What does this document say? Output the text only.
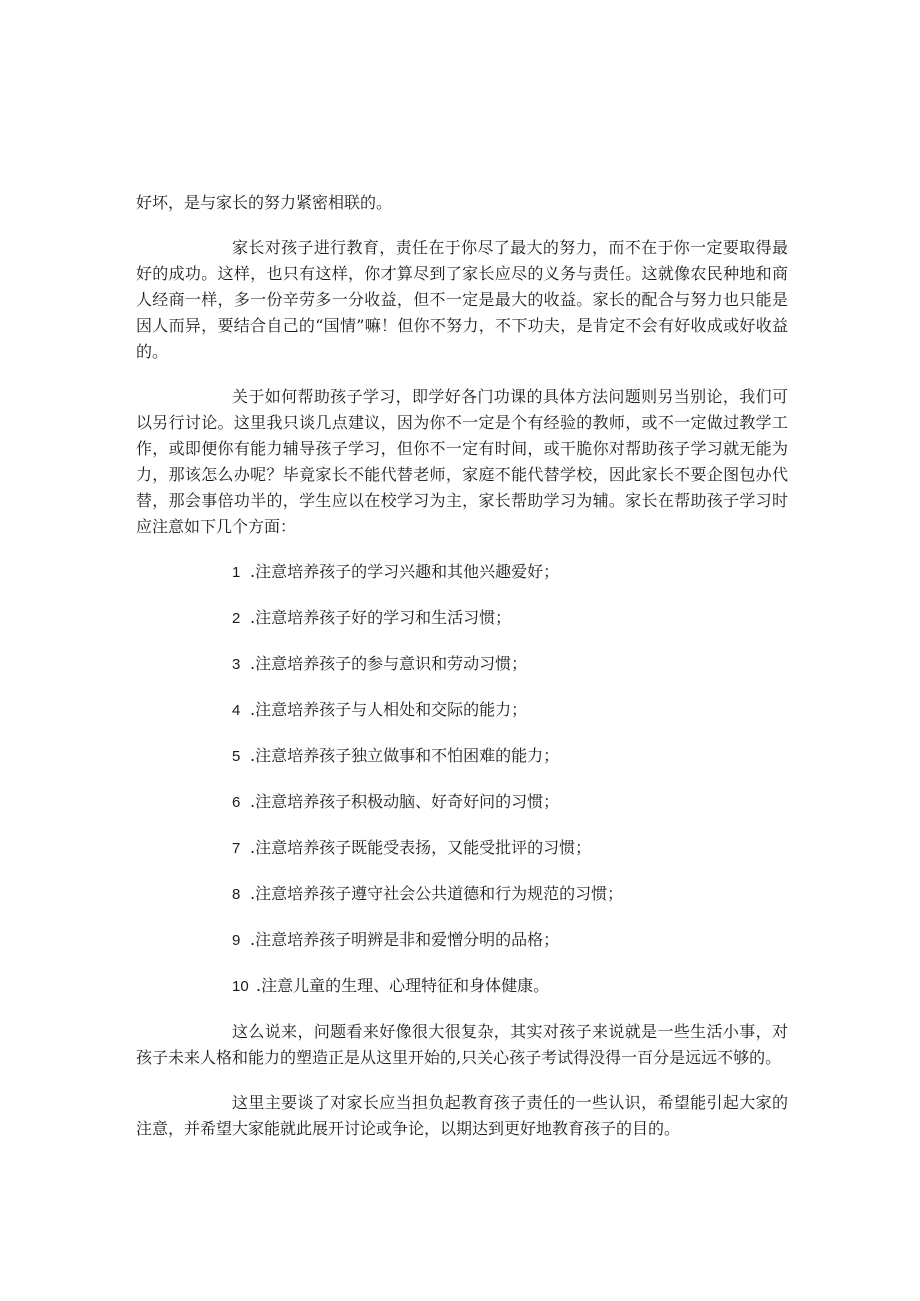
好坏，是与家长的努力紧密相联的。

家长对孩子进行教育，责任在于你尽了最大的努力，而不在于你一定要取得最好的成功。这样，也只有这样，你才算尽到了家长应尽的义务与责任。这就像农民种地和商人经商一样，多一份辛劳多一分收益，但不一定是最大的收益。家长的配合与努力也只能是因人而异，要结合自己的“国情”嘛！但你不努力，不下功夫，是肯定不会有好收成或好收益的。

关于如何帮助孩子学习，即学好各门功课的具体方法问题则另当别论，我们可以另行讨论。这里我只谈几点建议，因为你不一定是个有经验的教师，或不一定做过教学工作，或即便你有能力辅导孩子学习，但你不一定有时间，或干脆你对帮助孩子学习就无能为力，那该怎么办呢？毕竟家长不能代替老师，家庭不能代替学校，因此家长不要企图包办代替，那会事倍功半的，学生应以在校学习为主，家长帮助学习为辅。家长在帮助孩子学习时应注意如下几个方面：

1 .注意培养孩子的学习兴趣和其他兴趣爱好；
2 .注意培养孩子好的学习和生活习惯；
3 .注意培养孩子的参与意识和劳动习惯；
4 .注意培养孩子与人相处和交际的能力；
5 .注意培养孩子独立做事和不怕困难的能力；
6 .注意培养孩子积极动脑、好奇好问的习惯；
7 .注意培养孩子既能受表扬，又能受批评的习惯；
8 .注意培养孩子遵守社会公共道德和行为规范的习惯；
9 .注意培养孩子明辨是非和爱憎分明的品格；
10 .注意儿童的生理、心理特征和身体健康。

这么说来，问题看来好像很大很复杂，其实对孩子来说就是一些生活小事，对孩子未来人格和能力的塑造正是从这里开始的,只关心孩子考试得没得一百分是远远不够的。

这里主要谈了对家长应当担负起教育孩子责任的一些认识，希望能引起大家的注意，并希望大家能就此展开讨论或争论，以期达到更好地教育孩子的目的。
